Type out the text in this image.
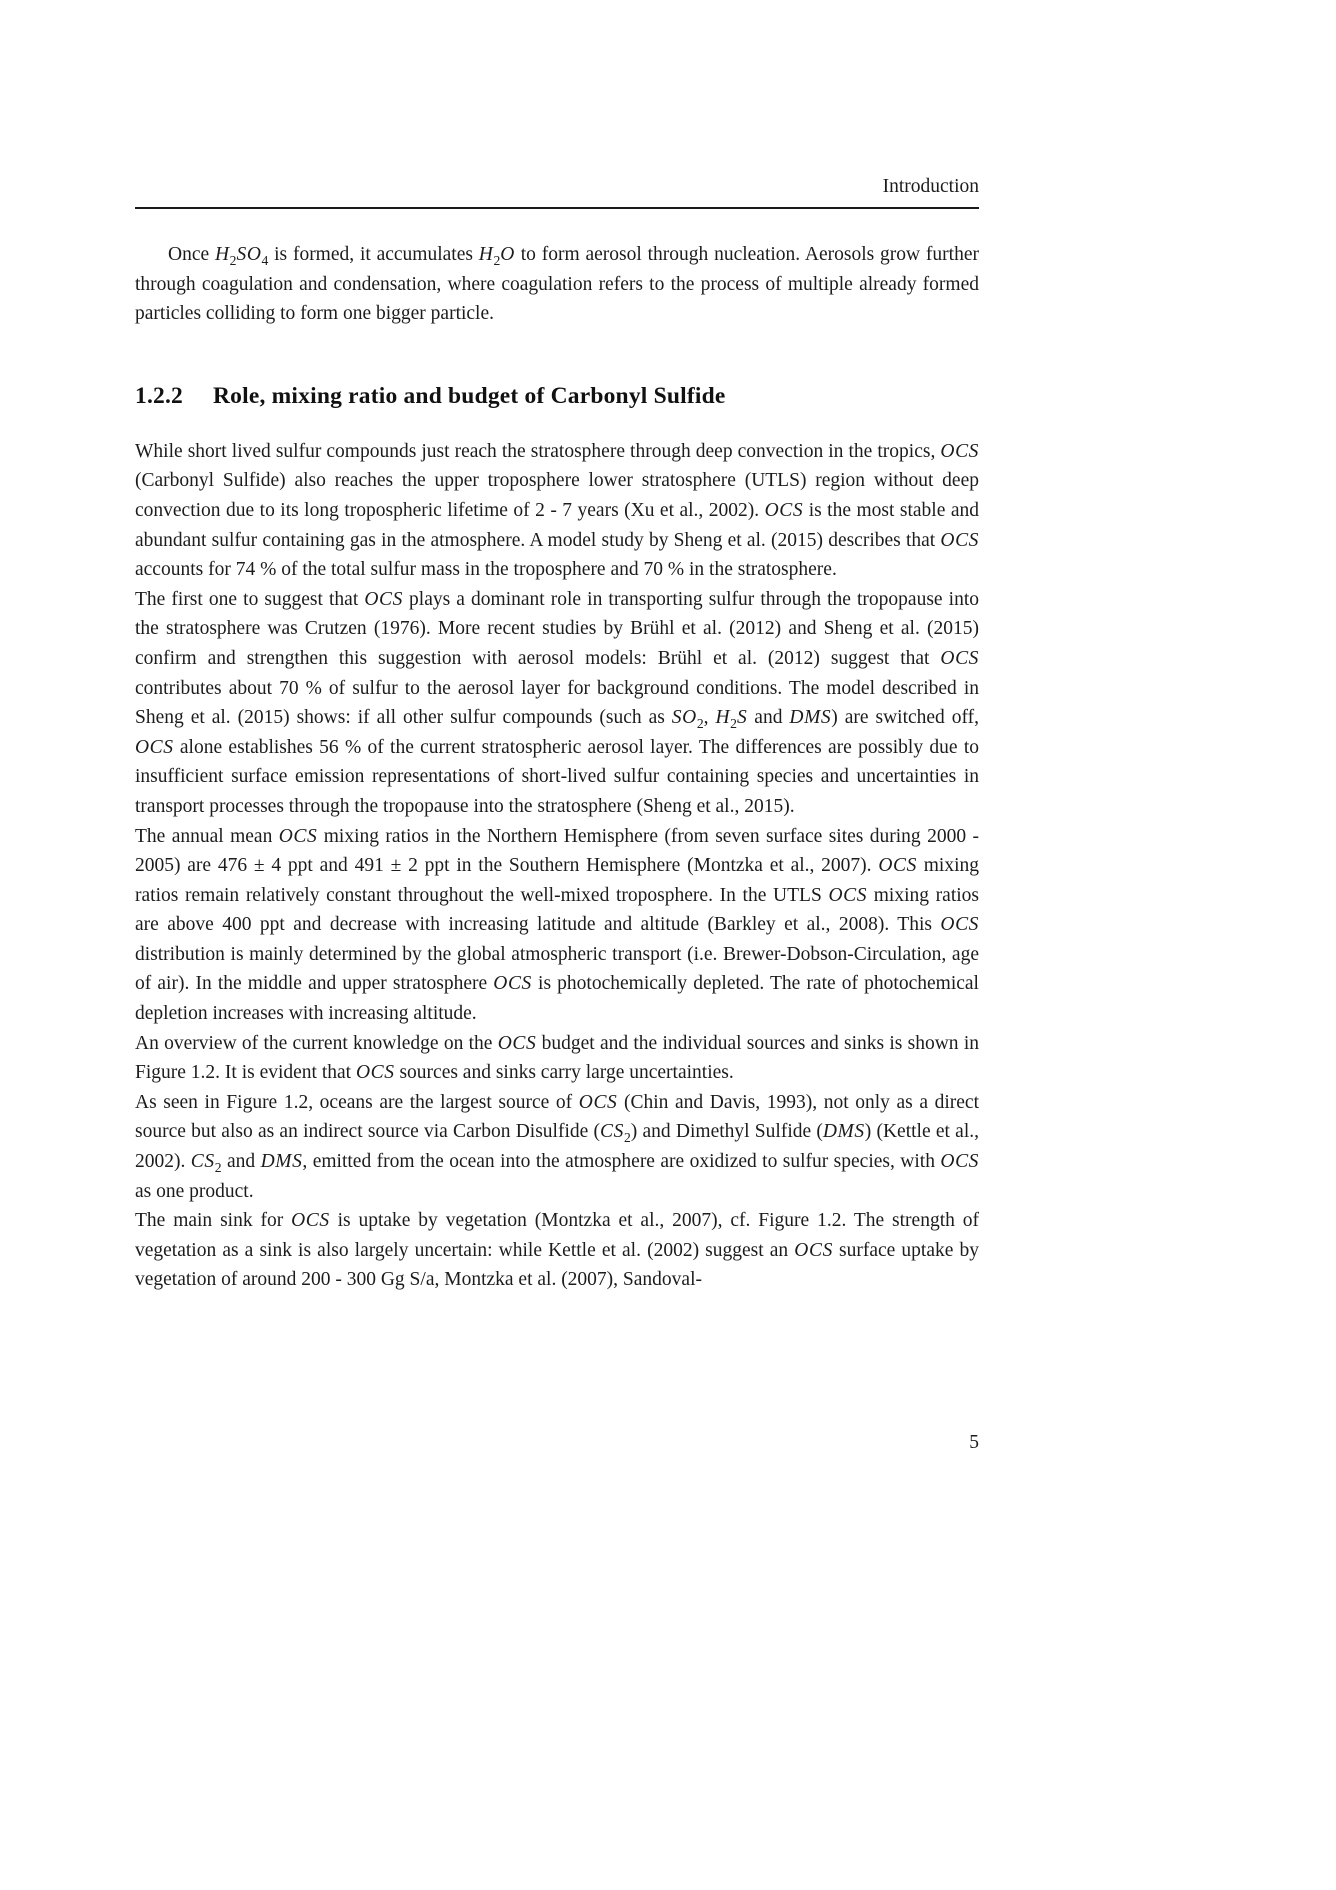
Introduction

Once $H_2SO_4$ is formed, it accumulates $H_2O$ to form aerosol through nucleation. Aerosols grow further through coagulation and condensation, where coagulation refers to the process of multiple already formed particles colliding to form one bigger particle.

1.2.2 Role, mixing ratio and budget of Carbonyl Sulfide

While short lived sulfur compounds just reach the stratosphere through deep convection in the tropics, OCS (Carbonyl Sulfide) also reaches the upper troposphere lower stratosphere (UTLS) region without deep convection due to its long tropospheric lifetime of 2 - 7 years (Xu et al., 2002). OCS is the most stable and abundant sulfur containing gas in the atmosphere. A model study by Sheng et al. (2015) describes that OCS accounts for 74 % of the total sulfur mass in the troposphere and 70 % in the stratosphere.

The first one to suggest that OCS plays a dominant role in transporting sulfur through the tropopause into the stratosphere was Crutzen (1976). More recent studies by Brühl et al. (2012) and Sheng et al. (2015) confirm and strengthen this suggestion with aerosol models: Brühl et al. (2012) suggest that OCS contributes about 70 % of sulfur to the aerosol layer for background conditions. The model described in Sheng et al. (2015) shows: if all other sulfur compounds (such as $SO_2$, $H_2S$ and DMS) are switched off, OCS alone establishes 56 % of the current stratospheric aerosol layer. The differences are possibly due to insufficient surface emission representations of short-lived sulfur containing species and uncertainties in transport processes through the tropopause into the stratosphere (Sheng et al., 2015).

The annual mean OCS mixing ratios in the Northern Hemisphere (from seven surface sites during 2000 - 2005) are 476 ± 4 ppt and 491 ± 2 ppt in the Southern Hemisphere (Montzka et al., 2007). OCS mixing ratios remain relatively constant throughout the well-mixed troposphere. In the UTLS OCS mixing ratios are above 400 ppt and decrease with increasing latitude and altitude (Barkley et al., 2008). This OCS distribution is mainly determined by the global atmospheric transport (i.e. Brewer-Dobson-Circulation, age of air). In the middle and upper stratosphere OCS is photochemically depleted. The rate of photochemical depletion increases with increasing altitude.

An overview of the current knowledge on the OCS budget and the individual sources and sinks is shown in Figure 1.2. It is evident that OCS sources and sinks carry large uncertainties.

As seen in Figure 1.2, oceans are the largest source of OCS (Chin and Davis, 1993), not only as a direct source but also as an indirect source via Carbon Disulfide $(CS_2)$ and Dimethyl Sulfide (DMS) (Kettle et al., 2002). $CS_2$ and DMS, emitted from the ocean into the atmosphere are oxidized to sulfur species, with OCS as one product.

The main sink for OCS is uptake by vegetation (Montzka et al., 2007), cf. Figure 1.2. The strength of vegetation as a sink is also largely uncertain: while Kettle et al. (2002) suggest an OCS surface uptake by vegetation of around 200 - 300 Gg S/a, Montzka et al. (2007), Sandoval-

5
